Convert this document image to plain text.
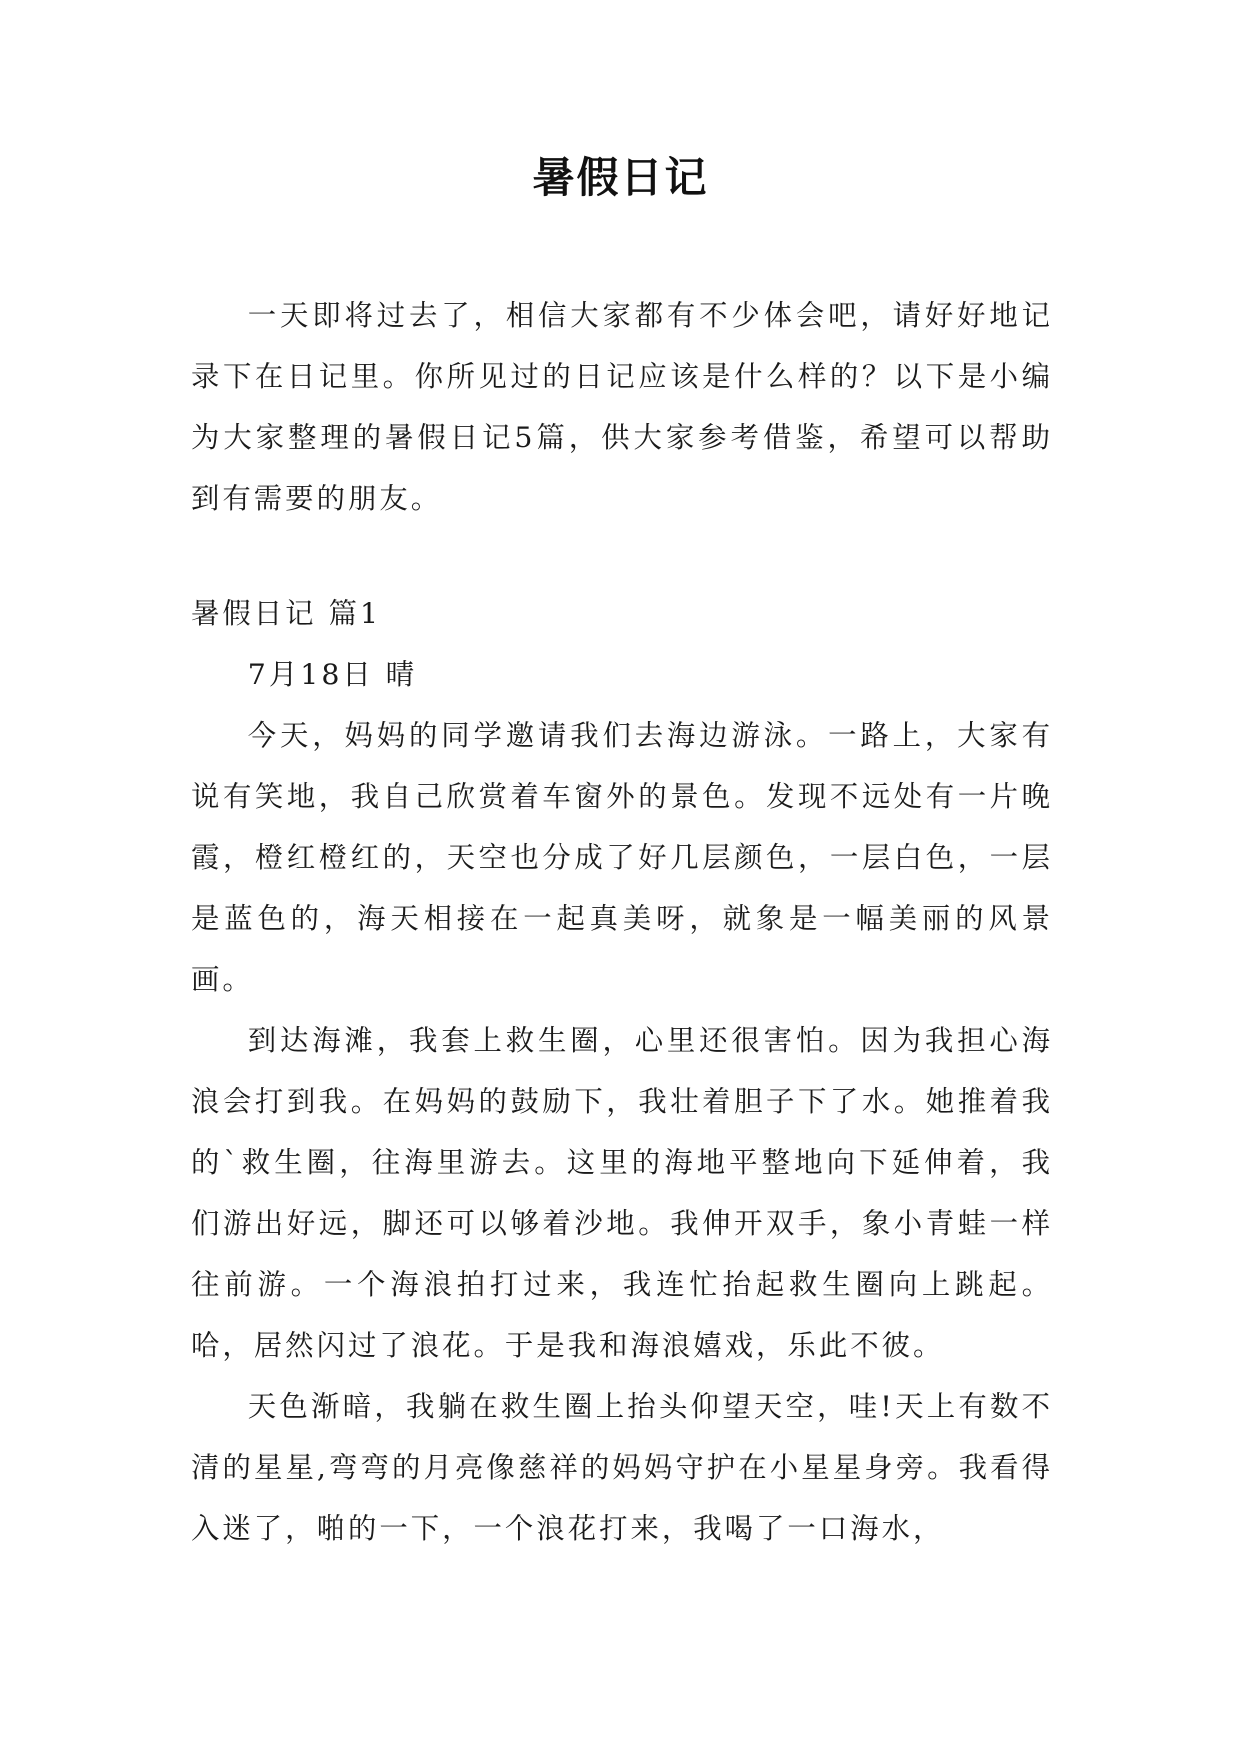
暑假日记

一天即将过去了，相信大家都有不少体会吧，请好好地记录下在日记里。你所见过的日记应该是什么样的？以下是小编为大家整理的暑假日记5篇，供大家参考借鉴，希望可以帮助到有需要的朋友。

暑假日记 篇1

7月18日 晴

今天，妈妈的同学邀请我们去海边游泳。一路上，大家有说有笑地，我自己欣赏着车窗外的景色。发现不远处有一片晚霞，橙红橙红的，天空也分成了好几层颜色，一层白色，一层是蓝色的，海天相接在一起真美呀，就象是一幅美丽的风景画。

到达海滩，我套上救生圈，心里还很害怕。因为我担心海浪会打到我。在妈妈的鼓励下，我壮着胆子下了水。她推着我的`救生圈，往海里游去。这里的海地平整地向下延伸着，我们游出好远，脚还可以够着沙地。我伸开双手，象小青蛙一样往前游。一个海浪拍打过来，我连忙抬起救生圈向上跳起。哈，居然闪过了浪花。于是我和海浪嬉戏，乐此不彼。

天色渐暗，我躺在救生圈上抬头仰望天空，哇!天上有数不清的星星,弯弯的月亮像慈祥的妈妈守护在小星星身旁。我看得入迷了，啪的一下，一个浪花打来，我喝了一口海水，
